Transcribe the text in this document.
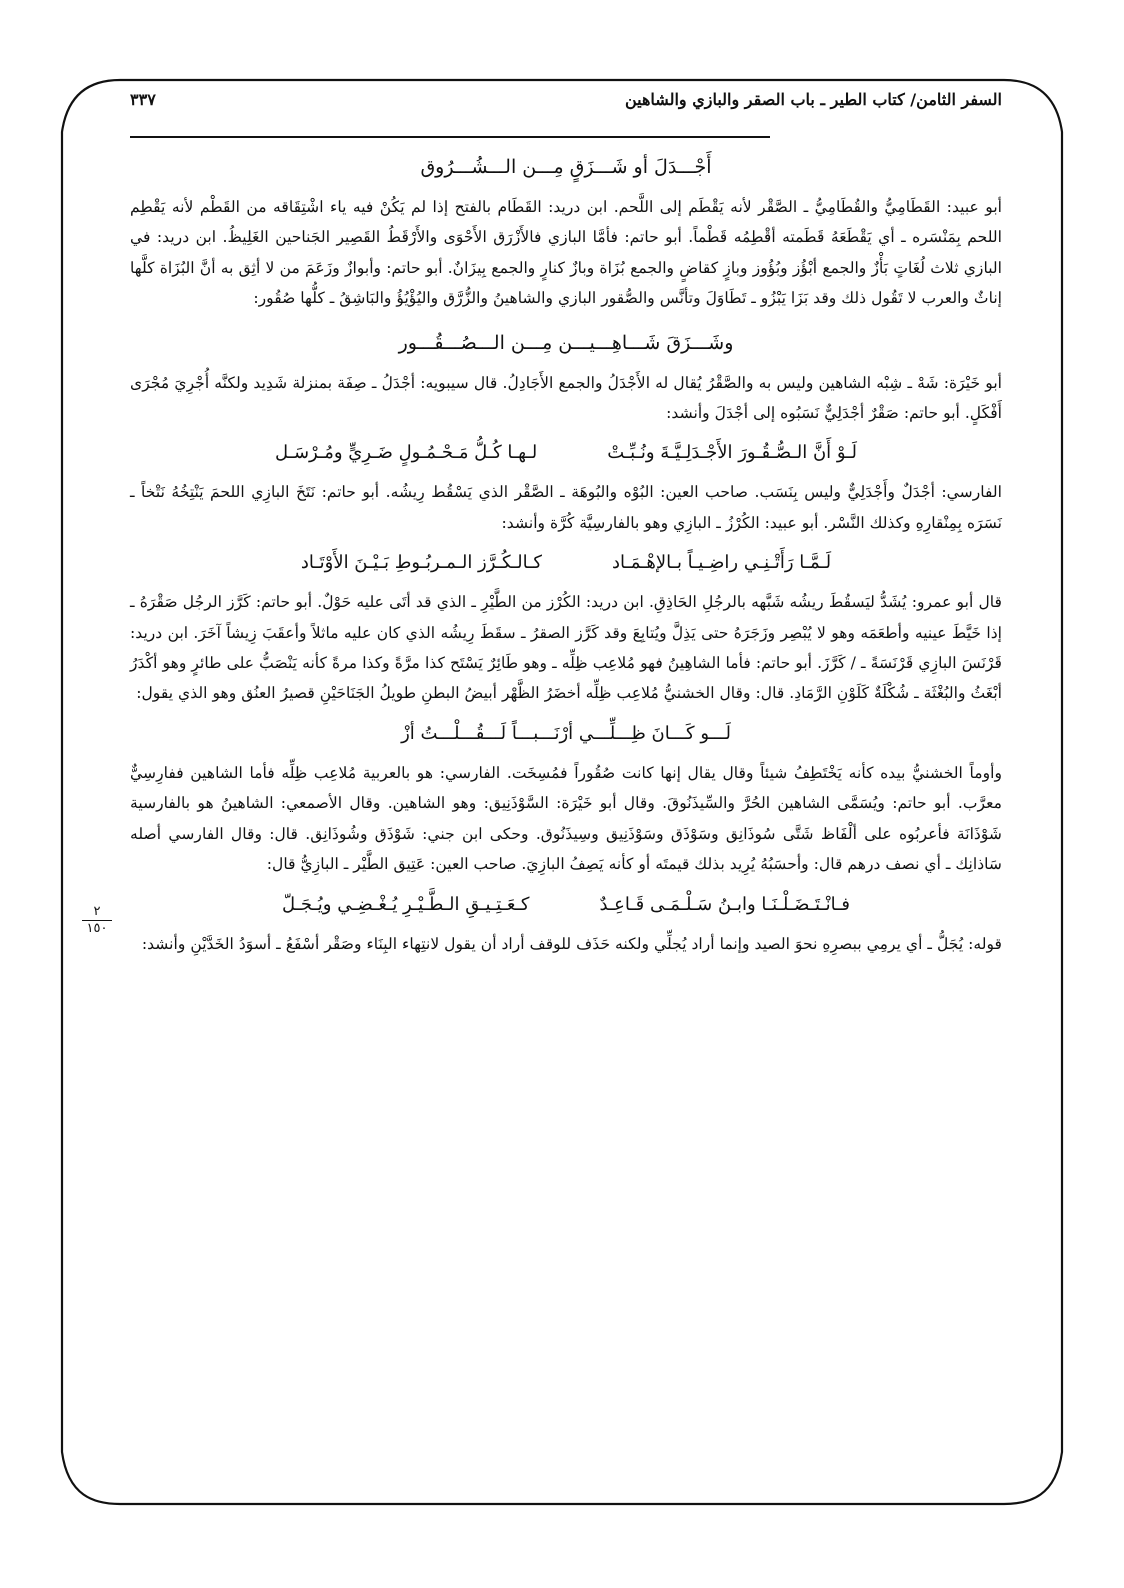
٢
١٥٠
السفر الثامن/ كتاب الطير ـ باب الصقر والبازي والشاهين
٣٣٧
أَجْـــدَلَ أو شَـــزَقٍ مِـــن الـــشُـــرُوق

أبو عبيد: القَطَامِيُّ والقُطَامِيُّ ـ الصَّقْر لأنه يَقْطَم إلى اللَّحم. ابن دريد: القَطَام بالفتح إذا لم يَكُنْ فيه ياء اشْتِقَاقه من القَطْم لأنه يَقْطِم اللحم بِمَنْسَره ـ أي يَقْطَعَهُ قَطَمته أقْطِمُه قَطْماً. أبو حاتم: فأمَّا البازي فالأَزْرَق الأَحْوَى والأَرْقَطُ القَصِير الجَناحين الغَلِيظُ. ابن دريد: في البازي ثلاث لُغَاتٍ بَأْزٌ والجمع أبْؤُز وبُؤُوز وبازٍ كقاضٍ والجمع بُزَاة وبازٌ كنارٍ والجمع بِيزَانٌ. أبو حاتم: وأبوازٌ وزَعَمَ من لا أثِق به أنَّ البُزَاة كلَّها إناثٌ والعرب لا تَقُول ذلك وقد بَزَا يَبْزُو ـ تَطَاوَلَ وتأنَّس والصُّقور البازي والشاهينُ والزُّرَّق واليُؤْيُؤُ والبَاشِقُ ـ كلُّها صُقُور:

وشَـــزَقَ شَـــاهِـــيـــن مِـــن الـــصُـــقُـــور

أبو خَيْرَة: شَهْ ـ شِبْه الشاهين وليس به والصَّقْرُ يُقال له الأَجْدَلُ والجمع الأَجَادِلُ. قال سيبويه: أجْدَلُ ـ صِفَة بمنزلة شَدِيد ولكنَّه أُجْرِيَ مُجْرَى أَفْكَلٍ. أبو حاتم: صَقْرٌ أجْدَلِيٌّ نَسَبُوه إلى أجْدَلَ وأنشد:

لَـوْ أَنَّ الـصُّـقُـورَ الأَجْـدَلِـيَّـةَ ونُـبِّـتْ
لـهـا كُـلُّ مَـحْـمُـولٍ ضَـرِيٍّ ومُـرْسَـل

الفارسي: أجْدَلٌ وأَجْدَلِيٌّ وليس بِنَسَب. صاحب العين: البُوْه والبُوهَة ـ الصَّقْر الذي يَسْقُط رِيشُه. أبو حاتم: نَتَخَ البازِي اللحمَ يَنْتِخُهُ نَتْخاً ـ نَسَرَه بِمِنْقارِهِ وكذلك النَّسْر. أبو عبيد: الكُرْزُ ـ البازِي وهو بالفارسِيَّة كُرَّة وأنشد:

لَـمَّـا رَأَتْـنِـي راضِـيـاً بـالإهْـمَـاد
كـالـكُـرَّز الـمـربُـوطِ بَـيْـنَ الأَوْتَـاد

قال أبو عمرو: يُشَدُّ ليَسقُطَ ريشُه شَبَّهه بالرجُلِ الحَاذِقِ. ابن دريد: الكُرْز من الطَّيْرِ ـ الذي قد أتَى عليه حَوْلٌ. أبو حاتم: كَرَّز الرجُل صَقْرَهُ ـ إذا خَيَّطَ عينيه وأطعَمَه وهو لا يُبْصِر وزَجَرَهُ حتى يَذِلَّ ويُتابِعَ وقد كَرَّز الصقرُ ـ سقَطَ رِيشُه الذي كان عليه ماثلاً وأعقَبَ زِيشاً آخَرَ. ابن دريد: قَرْنَسَ البازِي قَرْنَسَةً ـ / كَرَّزَ. أبو حاتم: فأما الشاهِينُ فهو مُلاعِب ظِلِّه ـ وهو طَائِرٌ يَسْتَح كذا مرَّةً وكذا مرةً كأنه يَنْصَبُّ على طائرٍ وهو أكْدَرُ أبْغَثُ والبُغْثَة ـ شُكْلَةٌ كَلَوْنِ الرَّمَادِ. قال: وقال الخشنيُّ مُلاعِب ظِلِّه أخضَرُ الظَّهْر أبيضُ البطنِ طويلُ الجَنَاحَيْنِ قصيرُ العنُق وهو الذي يقول:

لَـــو كَـــانَ ظِـــلِّـــي أرْنَـــبـــاً لَـــقُـــلْـــتُ أزْ

وأوماً الخشنيُّ بيده كأنه يَخْتَطِفُ شيئاً وقال يقال إنها كانت صُقُوراً فمُسِخَت. الفارسي: هو بالعربية مُلاعِب ظِلِّه فأما الشاهين ففارِسِيٌّ معرَّب. أبو حاتم: ويُسَمَّى الشاهين الحُرَّ والسِّيذَنُوقَ. وقال أبو خَيْرَة: السَّوْذَنِيق: وهو الشاهين. وقال الأصمعي: الشاهينُ هو بالفارسية شَوْذَانَة فأعربُوه على ألْفَاظ شَتَّى سُوذَانِق وسَوْذَق وسَوْذَنِيق وسِيذَنُوق. وحكى ابن جني: شَوْذَق وشُوذَانِق. قال: وقال الفارسي أصله سَاذانِك ـ أي نصف درهم قال: وأحسَبُهُ يُرِيد بذلك قيمتَه أو كأنه يَصِفُ البازِيَ. صاحب العين: عَتِيق الطَّيْر ـ البازِيُّ قال:

فـانْـتَـضَـلْـنَـا وابـنُ سَـلْـمَـى قَـاعِـدٌ
كـعَـتِـيـقِ الـطَّـيْـرِ يُـغْـضِـي ويُـجَـلّ

قوله: يُجَلُّ ـ أي يرمِي ببصرِهِ نحوَ الصيد وإنما أراد يُجلِّي ولكنه حَذَف للوقف أراد أن يقول لانتِهاء البِنَاء وصَقْر أسْفَعُ ـ أسوَدُ الخَدَّيْنِ وأنشد:
